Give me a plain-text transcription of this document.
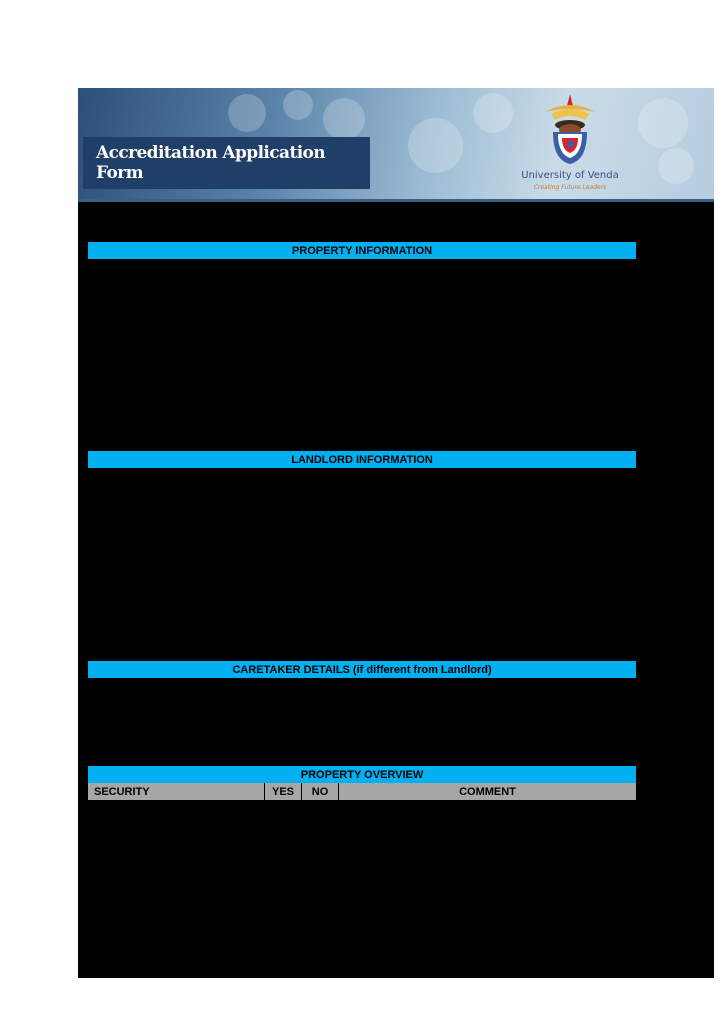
Accreditation Application Form	University of Venda
Creating Future Leaders
PROPERTY INFORMATION
LANDLORD INFORMATION
CARETAKER DETAILS (if different from Landlord)
PROPERTY OVERVIEW
SECURITY	YES	NO	COMMENT
